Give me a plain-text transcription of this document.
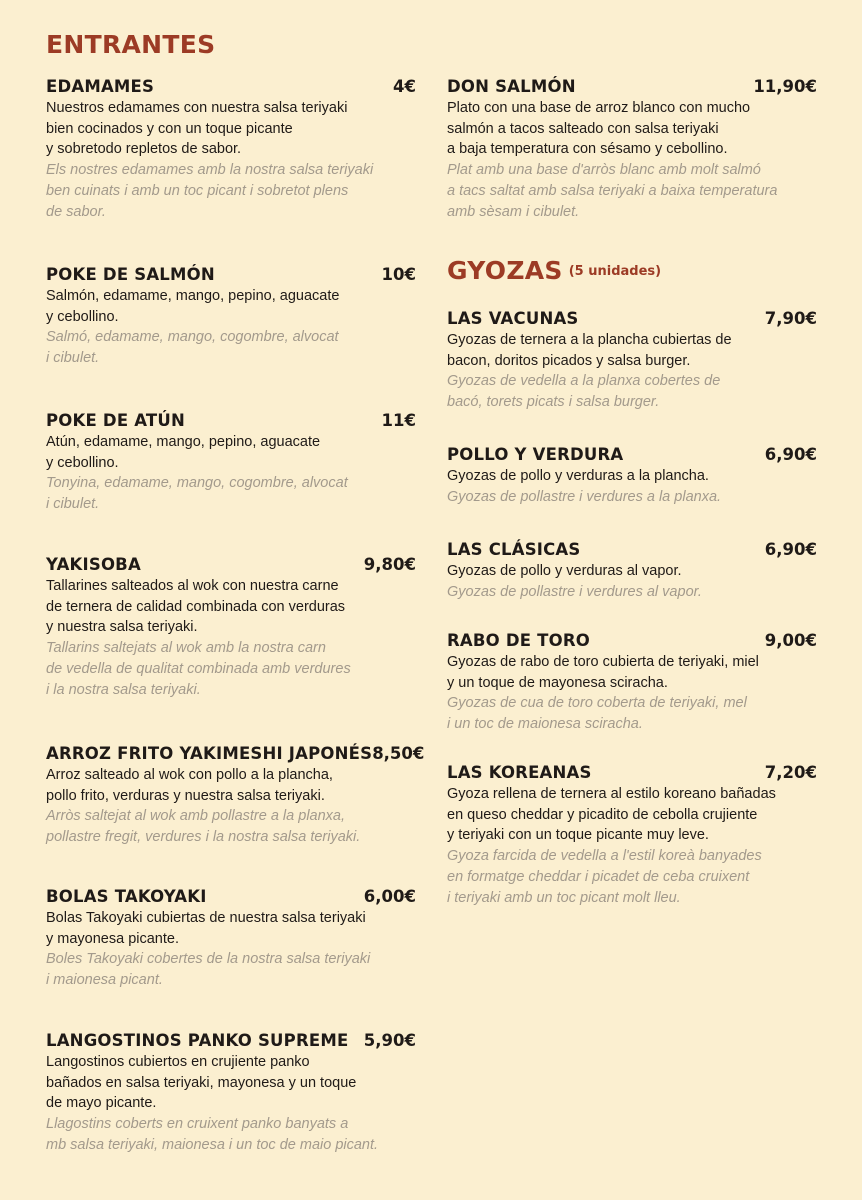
ENTRANTES
EDAMAMES	4€

Nuestros edamames con nuestra salsa teriyaki
bien cocinados y con un toque picante
y sobretodo repletos de sabor.

Els nostres edamames amb la nostra salsa teriyaki
ben cuinats i amb un toc picant i sobretot plens
de sabor.

POKE DE SALMÓN	10€

Salmón, edamame, mango, pepino, aguacate
y cebollino.

Salmó, edamame, mango, cogombre, alvocat
i cibulet.

POKE DE ATÚN	11€

Atún, edamame, mango, pepino, aguacate
y cebollino.

Tonyina, edamame, mango, cogombre, alvocat
i cibulet.

YAKISOBA	9,80€

Tallarines salteados al wok con nuestra carne
de ternera de calidad combinada con verduras
y nuestra salsa teriyaki.

Tallarins saltejats al wok amb la nostra carn
de vedella de qualitat combinada amb verdures
i la nostra salsa teriyaki.

ARROZ FRITO YAKIMESHI JAPONÉS 8,50€

Arroz salteado al wok con pollo a la plancha,
pollo frito, verduras y nuestra salsa teriyaki.

Arròs saltejat al wok amb pollastre a la planxa,
pollastre fregit, verdures i la nostra salsa teriyaki.

BOLAS TAKOYAKI	6,00€

Bolas Takoyaki cubiertas de nuestra salsa teriyaki
y mayonesa picante.

Boles Takoyaki cobertes de la nostra salsa teriyaki
i maionesa picant.

LANGOSTINOS PANKO SUPREME 5,90€

Langostinos cubiertos en crujiente panko
bañados en salsa teriyaki, mayonesa y un toque
de mayo picante.

Llagostins coberts en cruixent panko banyats a
mb salsa teriyaki, maionesa i un toc de maio picant.

DON SALMÓN	11,90€

Plato con una base de arroz blanco con mucho
salmón a tacos salteado con salsa teriyaki
a baja temperatura con sésamo y cebollino.

Plat amb una base d'arròs blanc amb molt salmó
a tacs saltat amb salsa teriyaki a baixa temperatura
amb sèsam i cibulet.

GYOZAS $^{(5 unidades)}$
LAS VACUNAS	7,90€

Gyozas de ternera a la plancha cubiertas de
bacon, doritos picados y salsa burger.

Gyozas de vedella a la planxa cobertes de
bacó, torets picats i salsa burger.

POLLO Y VERDURA	6,90€

Gyozas de pollo y verduras a la plancha.

Gyozas de pollastre i verdures a la planxa.

LAS CLÁSICAS	6,90€

Gyozas de pollo y verduras al vapor.

Gyozas de pollastre i verdures al vapor.

RABO DE TORO	9,00€

Gyozas de rabo de toro cubierta de teriyaki, miel
y un toque de mayonesa sciracha.

Gyozas de cua de toro coberta de teriyaki, mel
i un toc de maionesa sciracha.

LAS KOREANAS	7,20€

Gyoza rellena de ternera al estilo koreano bañadas
en queso cheddar y picadito de cebolla crujiente
y teriyaki con un toque picante muy leve.

Gyoza farcida de vedella a l'estil koreà banyades
en formatge cheddar i picadet de ceba cruixent
i teriyaki amb un toc picant molt lleu.
